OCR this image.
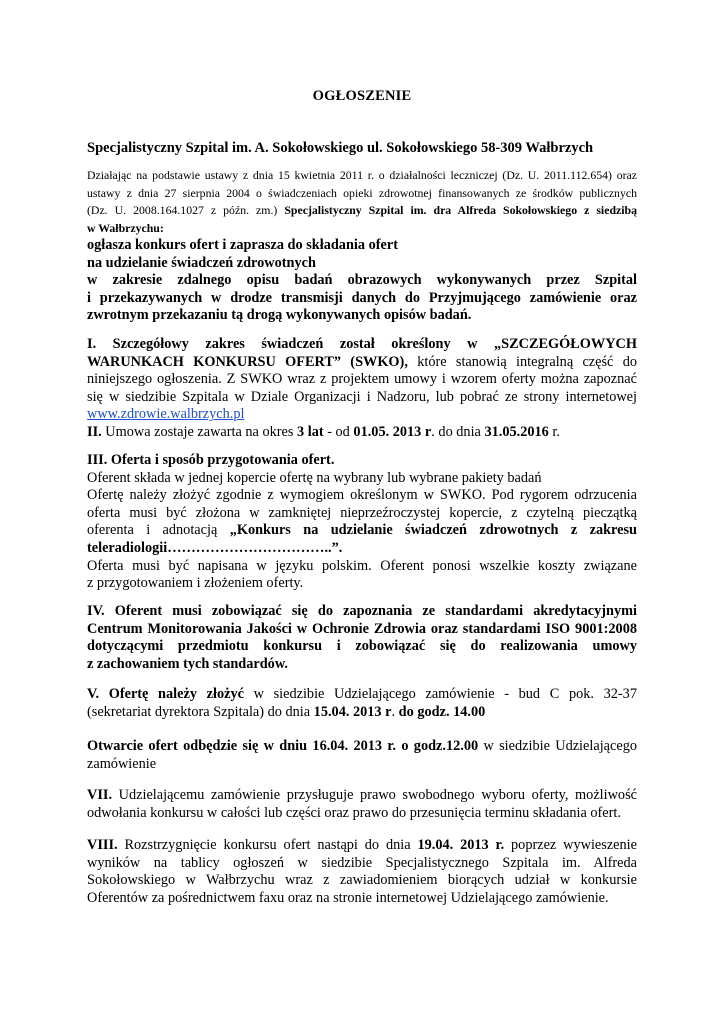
OGŁOSZENIE
Specjalistyczny Szpital im. A. Sokołowskiego ul. Sokołowskiego 58-309 Wałbrzych
Działając na podstawie ustawy z dnia 15 kwietnia 2011 r. o działalności leczniczej (Dz. U. 2011.112.654) oraz
ustawy z dnia 27 sierpnia 2004 o świadczeniach opieki zdrowotnej finansowanych ze środków publicznych
(Dz. U. 2008.164.1027 z późn. zm.) Specjalistyczny Szpital im. dra Alfreda Sokołowskiego z siedzibą
w Wałbrzychu:
ogłasza konkurs ofert i zaprasza do składania ofert
na udzielanie świadczeń zdrowotnych
w zakresie zdalnego opisu badań obrazowych wykonywanych przez Szpital
i przekazywanych w drodze transmisji danych do Przyjmującego zamówienie oraz
zwrotnym przekazaniu tą drogą wykonywanych opisów badań.
I. Szczegółowy zakres świadczeń został określony w „SZCZEGÓŁOWYCH
WARUNKACH KONKURSU OFERT” (SWKO), które stanowią integralną część do
niniejszego ogłoszenia. Z SWKO wraz z projektem umowy i wzorem oferty można zapoznać
się w siedzibie Szpitala w Dziale Organizacji i Nadzoru, lub pobrać ze strony internetowej
www.zdrowie.walbrzych.pl
II. Umowa zostaje zawarta na okres 3 lat - od 01.05. 2013 r. do dnia 31.05.2016 r.
III. Oferta i sposób przygotowania ofert.
Oferent składa w jednej kopercie ofertę na wybrany lub wybrane pakiety badań
Ofertę należy złożyć zgodnie z wymogiem określonym w SWKO. Pod rygorem odrzucenia
oferta musi być złożona w zamkniętej nieprzeźroczystej kopercie, z czytelną pieczątką
oferenta i adnotacją „Konkurs na udzielanie świadczeń zdrowotnych z zakresu
teleradiologii……………………………..”.
Oferta musi być napisana w języku polskim. Oferent ponosi wszelkie koszty związane
z przygotowaniem i złożeniem oferty.
IV. Oferent musi zobowiązać się do zapoznania ze standardami akredytacyjnymi
Centrum Monitorowania Jakości w Ochronie Zdrowia oraz standardami ISO 9001:2008
dotyczącymi przedmiotu konkursu i zobowiązać się do realizowania umowy
z zachowaniem tych standardów.
V. Ofertę należy złożyć w siedzibie Udzielającego zamówienie - bud C pok. 32-37
(sekretariat dyrektora Szpitala) do dnia 15.04. 2013 r. do godz. 14.00
Otwarcie ofert odbędzie się w dniu 16.04. 2013 r. o godz.12.00 w siedzibie Udzielającego
zamówienie
VII. Udzielającemu zamówienie przysługuje prawo swobodnego wyboru oferty, możliwość
odwołania konkursu w całości lub części oraz prawo do przesunięcia terminu składania ofert.
VIII. Rozstrzygnięcie konkursu ofert nastąpi do dnia 19.04. 2013 r. poprzez wywieszenie
wyników na tablicy ogłoszeń w siedzibie Specjalistycznego Szpitala im. Alfreda
Sokołowskiego w Wałbrzychu wraz z zawiadomieniem biorących udział w konkursie
Oferentów za pośrednictwem faxu oraz na stronie internetowej Udzielającego zamówienie.
